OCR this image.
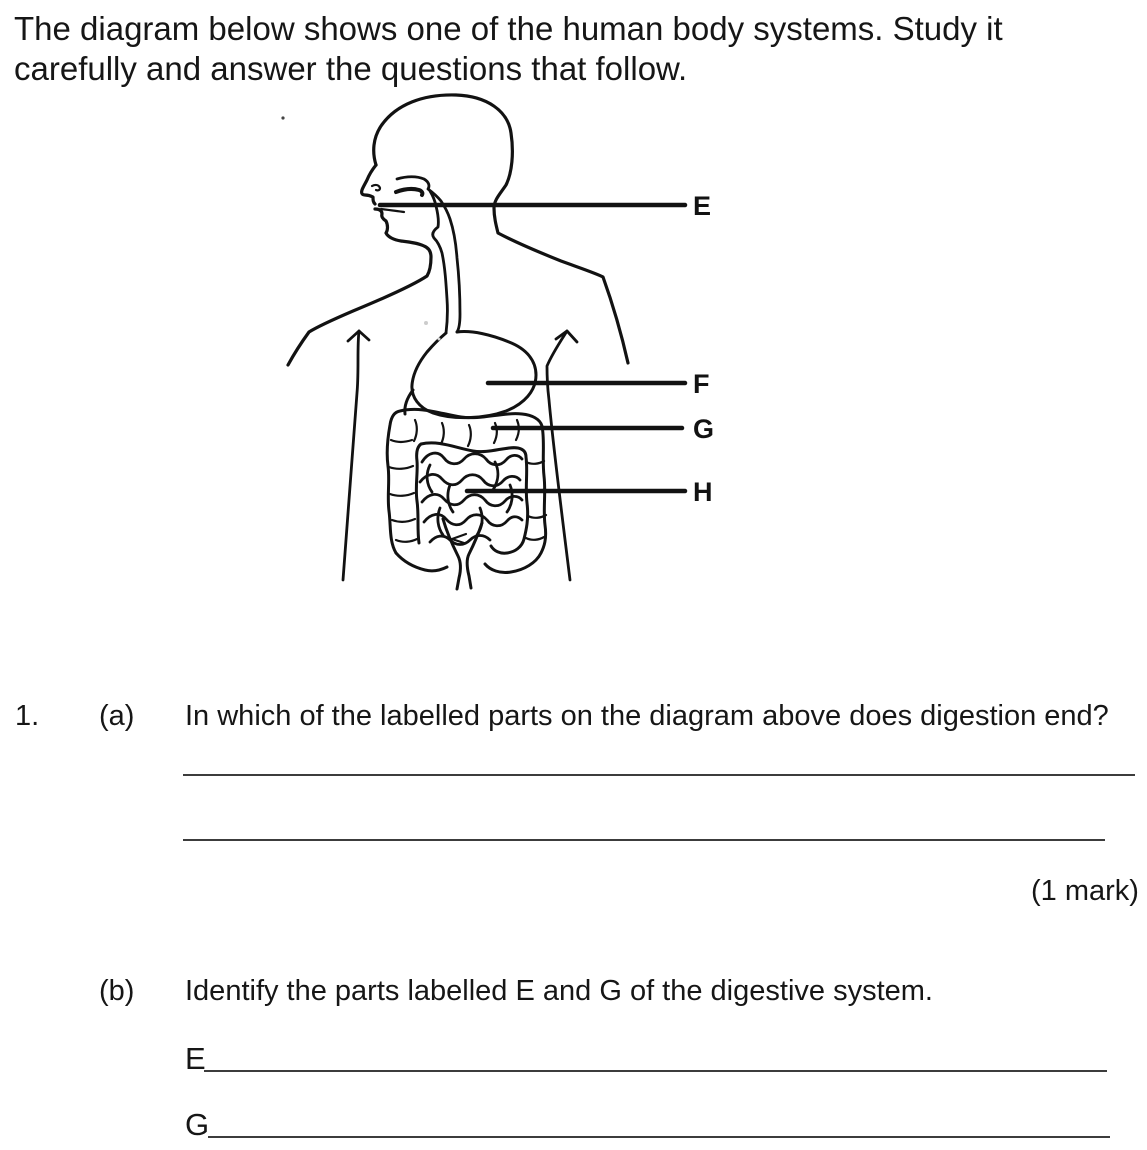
The diagram below shows one of the human body systems. Study it
carefully and answer the questions that follow.
E
F
G
H
1. (a) In which of the labelled parts on the diagram above does digestion end?
(1 mark)
(b) Identify the parts labelled E and G of the digestive system.
E
G
